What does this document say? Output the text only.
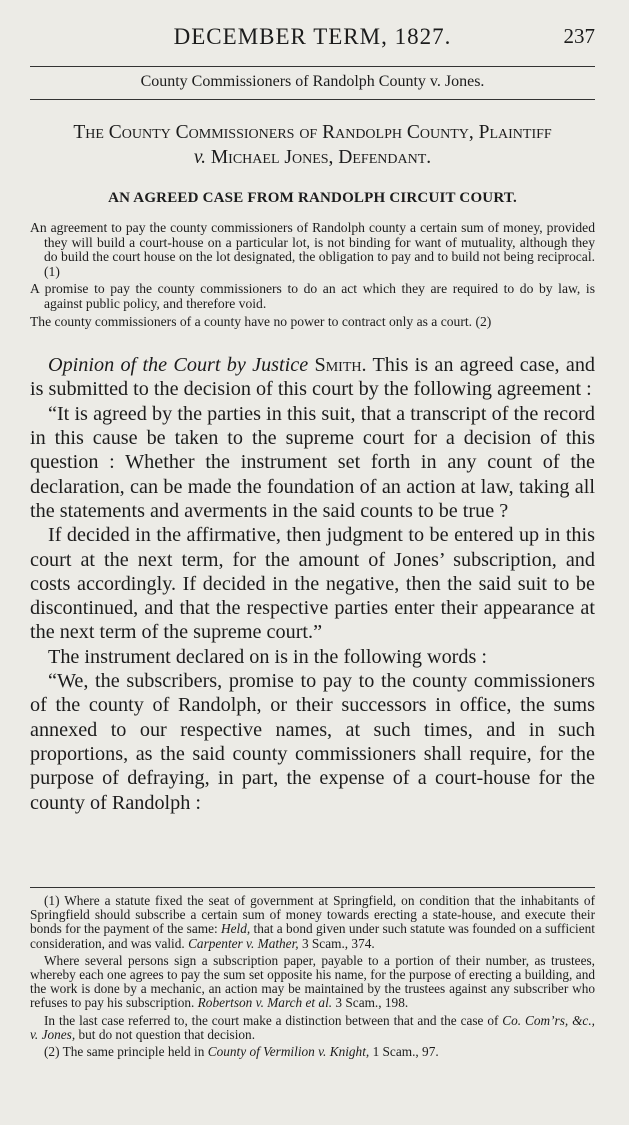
DECEMBER TERM, 1827.	237
County Commissioners of Randolph County v. Jones.
The County Commissioners of Randolph County, Plaintiff
v. Michael Jones, Defendant.
AN AGREED CASE FROM RANDOLPH CIRCUIT COURT.

An agreement to pay the county commissioners of Randolph county a certain sum of money, provided they will build a court-house on a particular lot, is not binding for want of mutuality, although they do build the court house on the lot designated, the obligation to pay and to build not being reciprocal. (1)

A promise to pay the county commissioners to do an act which they are required to do by law, is against public policy, and therefore void.

The county commissioners of a county have no power to contract only as a court. (2)

Opinion of the Court by Justice Smith. This is an agreed case, and is submitted to the decision of this court by the following agreement :

“It is agreed by the parties in this suit, that a transcript of the record in this cause be taken to the supreme court for a decision of this question : Whether the instrument set forth in any count of the declaration, can be made the foundation of an action at law, taking all the statements and averments in the said counts to be true ?

If decided in the affirmative, then judgment to be entered up in this court at the next term, for the amount of Jones’ subscription, and costs accordingly. If decided in the negative, then the said suit to be discontinued, and that the respective parties enter their appearance at the next term of the supreme court.”

The instrument declared on is in the following words :

“We, the subscribers, promise to pay to the county commissioners of the county of Randolph, or their successors in office, the sums annexed to our respective names, at such times, and in such proportions, as the said county commissioners shall require, for the purpose of defraying, in part, the expense of a court-house for the county of Randolph :

(1) Where a statute fixed the seat of government at Springfield, on condition that the inhabitants of Springfield should subscribe a certain sum of money towards erecting a state-house, and execute their bonds for the payment of the same: Held, that a bond given under such statute was founded on a sufficient consideration, and was valid. Carpenter v. Mather, 3 Scam., 374.

Where several persons sign a subscription paper, payable to a portion of their number, as trustees, whereby each one agrees to pay the sum set opposite his name, for the purpose of erecting a building, and the work is done by a mechanic, an action may be maintained by the trustees against any subscriber who refuses to pay his subscription. Robertson v. March et al. 3 Scam., 198.

In the last case referred to, the court make a distinction between that and the case of Co. Com’rs, &c., v. Jones, but do not question that decision.

(2) The same principle held in County of Vermilion v. Knight, 1 Scam., 97.
